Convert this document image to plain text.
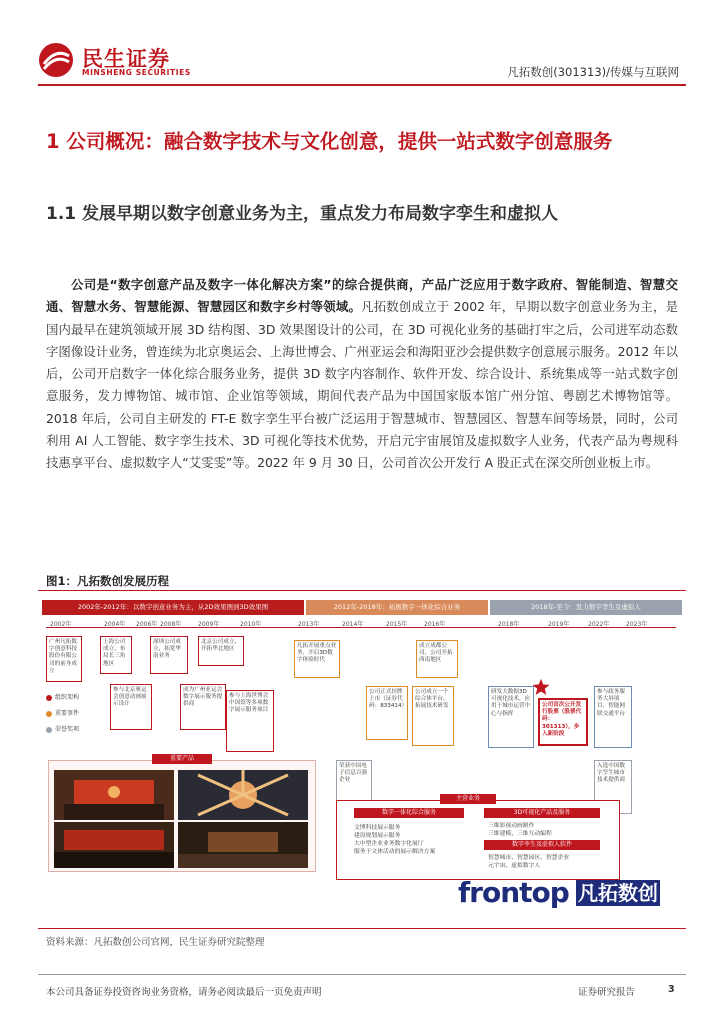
民生证券
MINSHENG SECURITIES	凡拓数创(301313)/传媒与互联网
1 公司概况：融合数字技术与文化创意，提供一站式数字创意服务
1.1 发展早期以数字创意业务为主，重点发力布局数字孪生和虚拟人
公司是“数字创意产品及数字一体化解决方案”的综合提供商，产品广泛应用于数字政府、智能制造、智慧交通、智慧水务、智慧能源、智慧园区和数字乡村等领域。凡拓数创成立于 2002 年，早期以数字创意业务为主，是国内最早在建筑领域开展 3D 结构图、3D 效果图设计的公司，在 3D 可视化业务的基础打牢之后，公司进军动态数字图像设计业务，曾连续为北京奥运会、上海世博会、广州亚运会和海阳亚沙会提供数字创意展示服务。2012 年以后，公司开启数字一体化综合服务业务，提供 3D 数字内容制作、软件开发、综合设计、系统集成等一站式数字创意服务，发力博物馆、城市馆、企业馆等领域，期间代表产品为中国国家版本馆广州分馆、粤剧艺术博物馆等。2018 年后，公司自主研发的 FT-E 数字孪生平台被广泛运用于智慧城市、智慧园区、智慧车间等场景，同时，公司利用 AI 人工智能、数字孪生技术、3D 可视化等技术优势，开启元宇宙展馆及虚拟数字人业务，代表产品为粤规科技惠享平台、虚拟数字人“艾雯雯”等。2022 年 9 月 30 日，公司首次公开发行 A 股正式在深交所创业板上市。
图1：凡拓数创发展历程
2002年-2012年：以数字创意业务为主，从2D效果图到3D效果图	2012年-2018年：拓展数字一体化综合业务	2018年-至今：发力数字孪生及虚拟人
2002年	2004年 2006年 2008年	2009年	2010年	2013年	2014年	2015年	2016年	2018年	2019年	2022年	2023年
广州凡拓数字创意科技股份有限公司的前身成立
上海公司成立，布局长三角地区
深圳公司成立，拓宽华南业务
北京公司成立，开拓华北地区
凡拓开展重点业务，开启3D数字体验时代
成立成都公司，公司开拓西南地区
组织架构
重要事件
荣誉奖项
参与北京奥运会创意动画展示设计
成为广州亚运会数字展示服务提供商
参与上海世博会中国馆等多项数字展示服务项目
公司正式挂牌上市（证券代码：833414）
公司成立一个综合体平台，拓展技术研发
研发大数据3D可视化技术，应用于城市运营中心与指挥
公司首次公开发行股票（股票代码：301313），步入新阶段
参与政务服务大屏项目，智能网联交通平台
荣获中国电子信息百强企业
入选中国数字孪生城市技术提供商
重要产品
主营业务
数字一体化综合服务
文博科技展示服务
建设规划展示服务
大中型企业业务数字化展厅
服务于文体活动的展示解决方案
3D可视化产品及服务
三维影视动画制作
三维建模、三维互动编程
数字孪生及虚拟人软件
智慧城市、智慧园区、智慧企业
元宇宙、虚拟数字人
frontop 凡拓数创
资料来源：凡拓数创公司官网，民生证券研究院整理
本公司具备证券投资咨询业务资格，请务必阅读最后一页免责声明	证券研究报告	3
